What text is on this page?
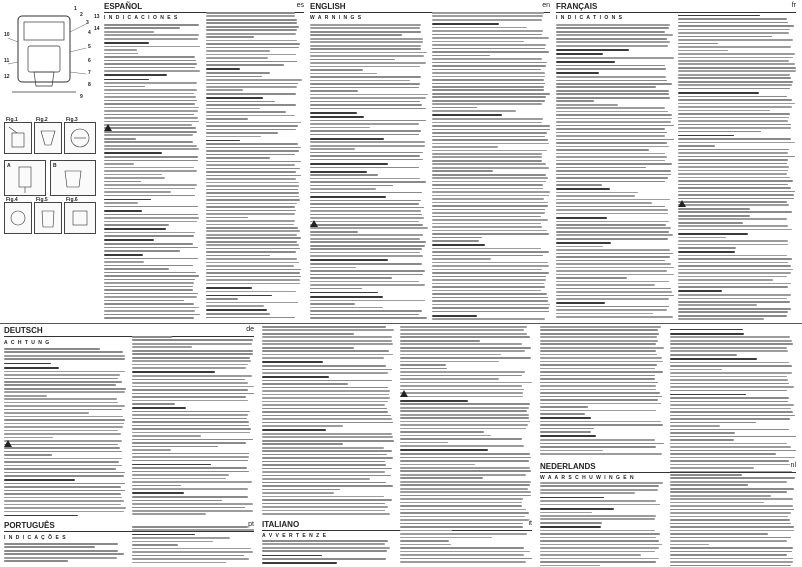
1
2
3
4
5
6
7
8
9
10
11
12
13
14
Fig.1	Fig.2	Fig.3
A	B
Fig.4	Fig.5	Fig.6
ESPAÑOL	es
I N D I C A C I O N E S
ENGLISH	en
W A R N I N G S
FRANÇAIS	fr
I N D I C A T I O N S
DEUTSCH	de
A C H T U N G
ITALIANO	it
A V V E R T E N Z E
NEDERLANDS	nl
W A A R S C H U W I N G E N
PORTUGUÊS	pt
I N D I C A Ç Õ E S
